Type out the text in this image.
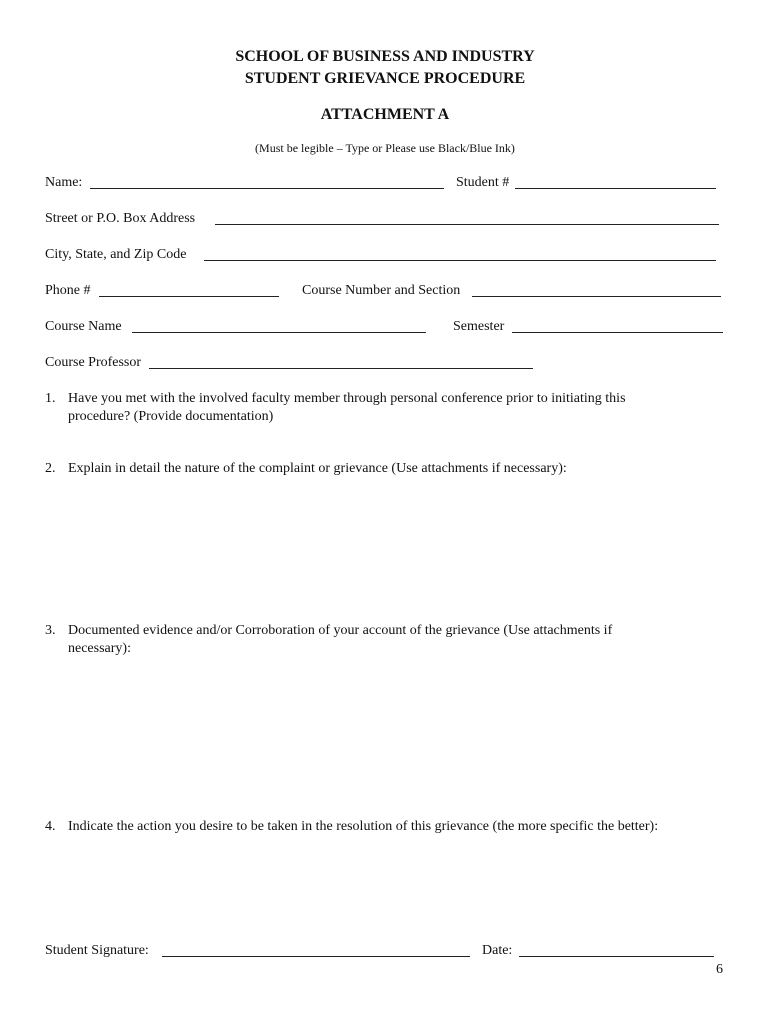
SCHOOL OF BUSINESS AND INDUSTRY
STUDENT GRIEVANCE PROCEDURE
ATTACHMENT A
(Must be legible – Type or Please use Black/Blue Ink)
Name:	Student #
Street or P.O. Box Address
City, State, and Zip Code
Phone #	Course Number and Section
Course Name	Semester
Course Professor
1. Have you met with the involved faculty member through personal conference prior to initiating this
procedure? (Provide documentation)
2. Explain in detail the nature of the complaint or grievance (Use attachments if necessary):
3. Documented evidence and/or Corroboration of your account of the grievance (Use attachments if
necessary):
4. Indicate the action you desire to be taken in the resolution of this grievance (the more specific the better):
Student Signature:	Date:
6
